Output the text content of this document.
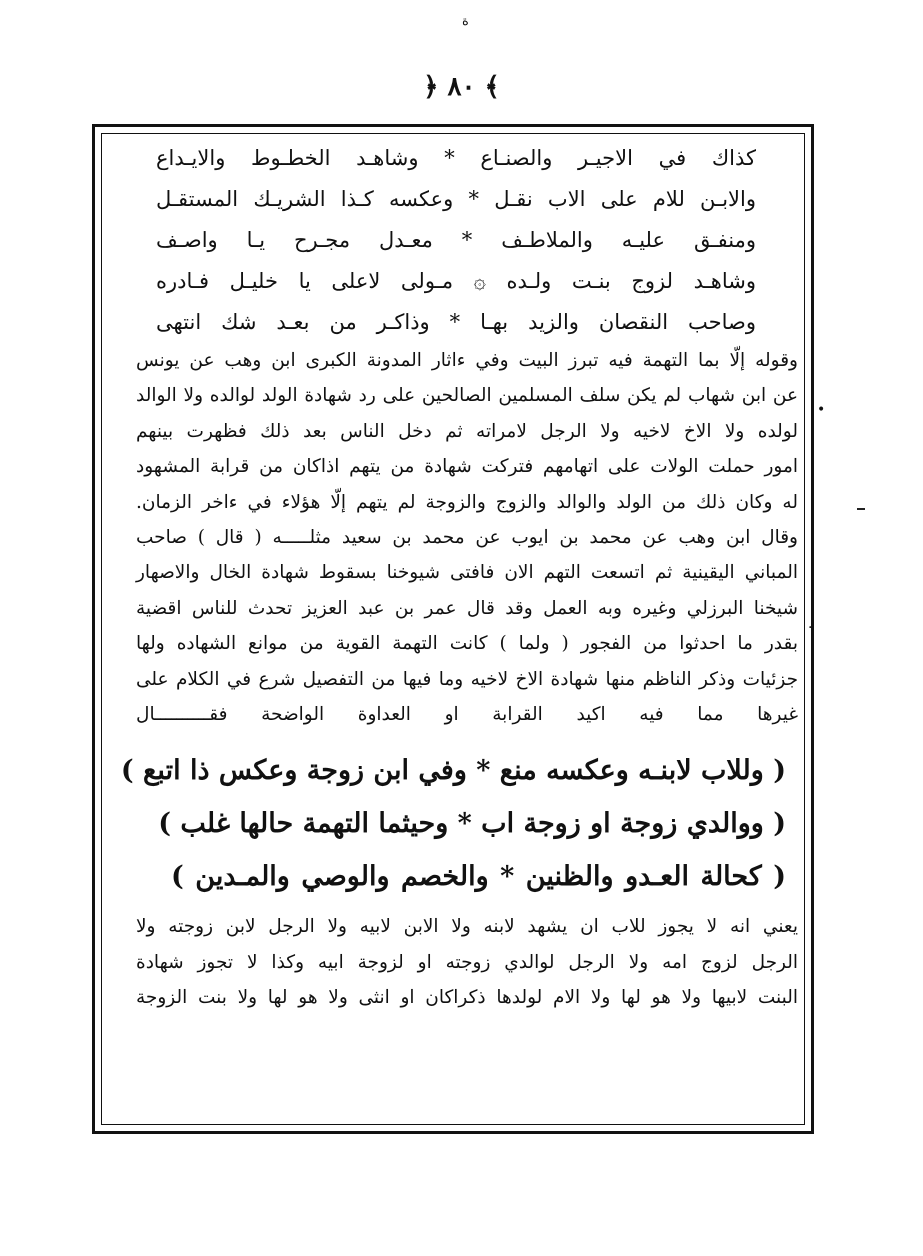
ة
﴿ ٨٠ ﴾
•
.
كذاك في الاجيـر والصنـاع * وشاهـد الخطـوط والايـداع
والابـن للام على الاب نقـل * وعكسه كـذا الشريـك المستقـل
ومنفـق عليـه والملاطـف * معـدل مجـرح يـا واصـف
وشاهـد لزوج بنـت ولـده ۞ مـولى لاعلى يا خليـل فـادره
وصاحب النقصان والزيد بهـا * وذاكـر من بعـد شك انتهى
وقوله إلّا بما التهمة فيه تبرز البيت وفي ءاثار المدونة الكبرى ابن وهب عن يونس
عن ابن شهاب لم يكن سلف المسلمين الصالحين على رد شهادة الولد لوالده ولا الوالد
لولده ولا الاخ لاخيه ولا الرجل لامراته ثم دخل الناس بعد ذلك فظهرت بينهم
امور حملت الولات على اتهامهم فتركت شهادة من يتهم اذاكان من قرابة المشهود
له وكان ذلك من الولد والوالد والزوج والزوجة لم يتهم إلّا هؤلاء في ءاخر الزمان.
وقال ابن وهب عن محمد بن ايوب عن محمد بن سعيد مثلـــــه ( قال ) صاحب
المباني اليقينية ثم اتسعت التهم الان فافتى شيوخنا بسقوط شهادة الخال والاصهار
شيخنا البرزلي وغيره وبه العمل وقد قال عمر بن عبد العزيز تحدث للناس اقضية
بقدر ما احدثوا من الفجور ( ولما ) كانت التهمة القوية من موانع الشهاده ولها
جزئيات وذكر الناظم منها شهادة الاخ لاخيه وما فيها من التفصيل شرع في الكلام على
غيرها مما فيه اكيد القرابة او العداوة الواضحة فقــــــــــال
( وللاب لابنـه وعكسه منع * وفي ابن زوجة وعكس ذا اتبع )
( ووالدي زوجة او زوجة اب * وحيثما التهمة حالها غلب )
( كحالة العـدو والظنين * والخصم والوصي والمـدين )
يعني انه لا يجوز للاب ان يشهد لابنه ولا الابن لابيه ولا الرجل لابن زوجته ولا
الرجل لزوج امه ولا الرجل لوالدي زوجته او لزوجة ابيه وكذا لا تجوز شهادة
البنت لابيها ولا هو لها ولا الام لولدها ذكراكان او انثى ولا هو لها ولا بنت الزوجة
